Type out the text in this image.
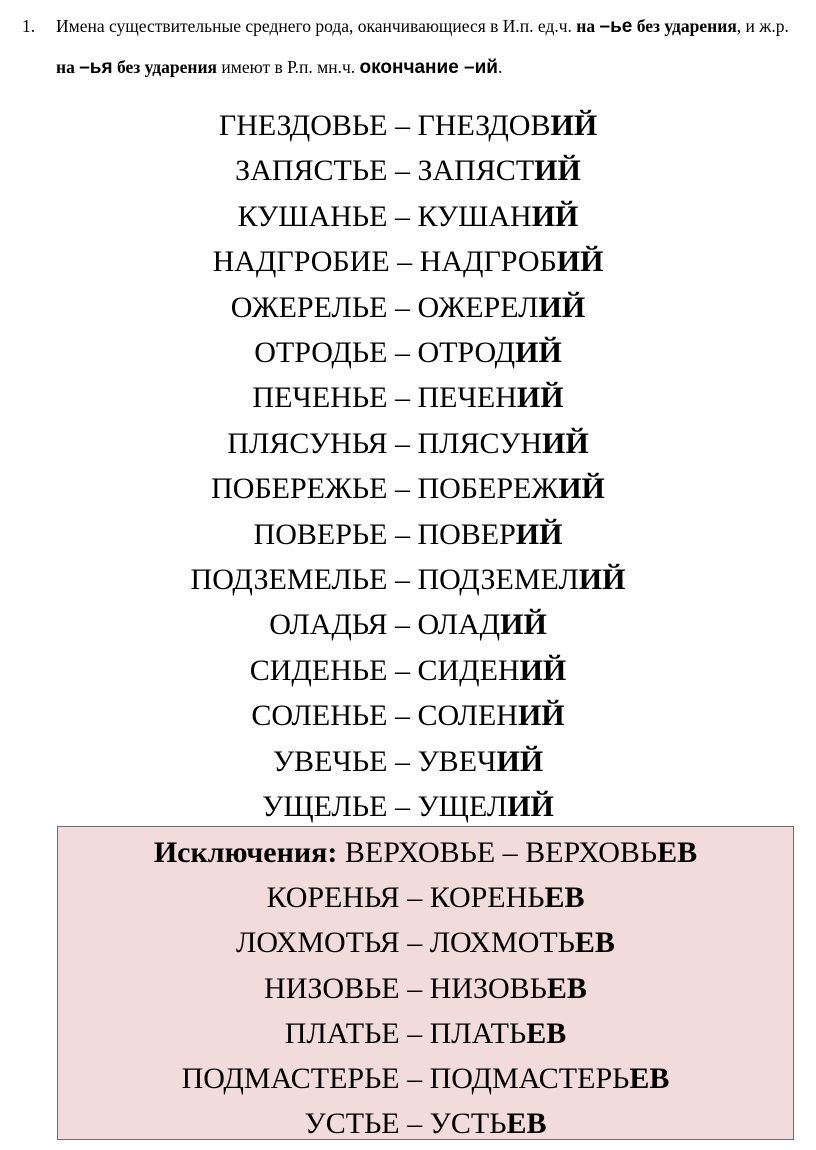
1. Имена существительные среднего рода, оканчивающиеся в И.п. ед.ч. на –ье без ударения, и ж.р. на –ья без ударения имеют в Р.п. мн.ч. окончание –ий.
ГНЕЗДОВЬЕ – ГНЕЗДОВИЙ
ЗАПЯСТЬЕ – ЗАПЯСТИЙ
КУШАНЬЕ – КУШАНИЙ
НАДГРОБИЕ – НАДГРОБИЙ
ОЖЕРЕЛЬЕ – ОЖЕРЕЛИЙ
ОТРОДЬЕ – ОТРОДИЙ
ПЕЧЕНЬЕ – ПЕЧЕНИЙ
ПЛЯСУНЬЯ – ПЛЯСУНИЙ
ПОБЕРЕЖЬЕ – ПОБЕРЕЖИЙ
ПОВЕРЬЕ – ПОВЕРИЙ
ПОДЗЕМЕЛЬЕ – ПОДЗЕМЕЛИЙ
ОЛАДЬЯ – ОЛАДИЙ
СИДЕНЬЕ – СИДЕНИЙ
СОЛЕНЬЕ – СОЛЕНИЙ
УВЕЧЬЕ – УВЕЧИЙ
УЩЕЛЬЕ – УЩЕЛИЙ
Исключения: ВЕРХОВЬЕ – ВЕРХОВЬЕВ
КОРЕНЬЯ – КОРЕНЬЕВ
ЛОХМОТЬЯ – ЛОХМОТЬЕВ
НИЗОВЬЕ – НИЗОВЬЕВ
ПЛАТЬЕ – ПЛАТЬЕВ
ПОДМАСТЕРЬЕ – ПОДМАСТЕРЬЕВ
УСТЬЕ – УСТЬЕВ
